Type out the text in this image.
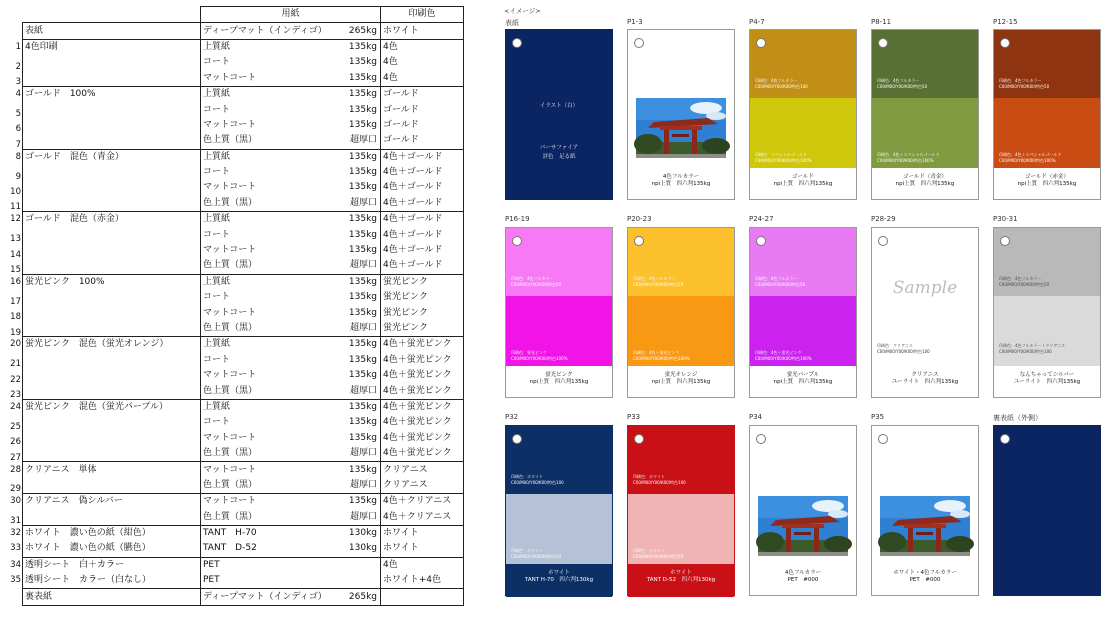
	用紙		印刷色

表紙	ディープマット（インディゴ）	265kg	ホワイト

1 4色印刷	上質紙	135kg	4色

2	コート	135kg	4色

3	マットコート	135kg	4色

4 ゴールド　100%	上質紙	135kg	ゴールド

5	コート	135kg	ゴールド

6	マットコート	135kg	ゴールド

7	色上質（黒）	超厚口	ゴールド

8 ゴールド　混色（青金）	上質紙	135kg	4色＋ゴールド

9	コート	135kg	4色＋ゴールド

10	マットコート	135kg	4色＋ゴールド

11	色上質（黒）	超厚口	4色＋ゴールド

12 ゴールド　混色（赤金）	上質紙	135kg	4色＋ゴールド

13	コート	135kg	4色＋ゴールド

14	マットコート	135kg	4色＋ゴールド

15	色上質（黒）	超厚口	4色＋ゴールド

16 蛍光ピンク　100%	上質紙	135kg	蛍光ピンク

17	コート	135kg	蛍光ピンク

18	マットコート	135kg	蛍光ピンク

19	色上質（黒）	超厚口	蛍光ピンク

20 蛍光ピンク　混色（蛍光オレンジ）	上質紙	135kg	4色＋蛍光ピンク

21	コート	135kg	4色＋蛍光ピンク

22	マットコート	135kg	4色＋蛍光ピンク

23	色上質（黒）	超厚口	4色＋蛍光ピンク

24 蛍光ピンク　混色（蛍光パープル）	上質紙	135kg	4色＋蛍光ピンク

25	コート	135kg	4色＋蛍光ピンク

26	マットコート	135kg	4色＋蛍光ピンク

27	色上質（黒）	超厚口	4色＋蛍光ピンク

28 クリアニス　単体	マットコート	135kg	クリアニス

29	色上質（黒）	超厚口	クリアニス

30 クリアニス　偽シルバー	マットコート	135kg	4色＋クリアニス

31	色上質（黒）	超厚口	4色＋クリアニス

32 ホワイト　濃い色の紙（紺色）	TANT　H-70	130kg	ホワイト

33 ホワイト　濃い色の紙（臙色）	TANT　D-52	130kg	ホワイト

34 透明シート　白＋カラー	PET		4色

35 透明シート　カラー（白なし）	PET		ホワイト+4色

裏表紙	ディープマット（インディゴ）	265kg	
<イメージ>
表紙
イラスト（白）
パーサファイア
評色　足る紙
P1-3
4色フルカラー
npi上質　四六判135kg
P4-7
印刷色：4色フルカラー
C00/M00/Y00/K00/特色100
印刷色：スペシャルゴールド
C00/M00/Y00/K00/特色100%
ゴールド
npi上質　四六判135kg
P8-11
印刷色：4色フルカラー
C00/M00/Y00/K00/特色50
印刷色：4色＋スペシャルゴールド
C00/M00/Y00/K00/特色100%
ゴールド（青金）
npi上質　四六判135kg
P12-15
印刷色：4色フルカラー
C00/M00/Y00/K00/特色50
印刷色：4色＋スペシャルゴールド
C00/M00/Y00/K00/特色100%
ゴールド（赤金）
npi上質　四六判135kg
P16-19
印刷色：4色フルカラー
C00/M00/Y00/K00/特色50
印刷色：蛍光ピンク
C00/M00/Y00/K00/特色100%
蛍光ピンク
npi上質　四六判135kg
P20-23
印刷色：4色フルカラー
C00/M00/Y00/K00/特色50
印刷色：4色＋蛍光ピンク
C00/M00/Y00/K00/特色100%
蛍光オレンジ
npi上質　四六判135kg
P24-27
印刷色：4色フルカラー
C00/M00/Y00/K00/特色50
印刷色：4色＋蛍光ピンク
C00/M00/Y00/K00/特色100%
蛍光パープル
npi上質　四六判135kg
P28-29
Sample
印刷色：クリアニス
C00/M00/Y00/K00/特色100
クリアニス
ユーライト　四六判135kg
P30-31
印刷色：4色フルカラー
C00/M00/Y00/K00/特色50
印刷色：4色フルカラー＋クリアニス
C00/M00/Y00/K00/特色100
なんちゃってシルバー
ユーライト　四六判135kg
P32
印刷色：ホワイト
C00/M00/Y00/K00/特色100
印刷色：ホワイト
C00/M00/Y00/K00/特色50
ホワイト
TANT H-70　四六判130kg
P33
印刷色：ホワイト
C00/M00/Y00/K00/特色100
印刷色：ホワイト
C00/M00/Y00/K00/特色50
ホワイト
TANT D-52　四六判130kg
P34
4色フルカラー
PET　#000
P35
ホワイト・4色フルカラー
PET　#000
裏表紙（外側）
